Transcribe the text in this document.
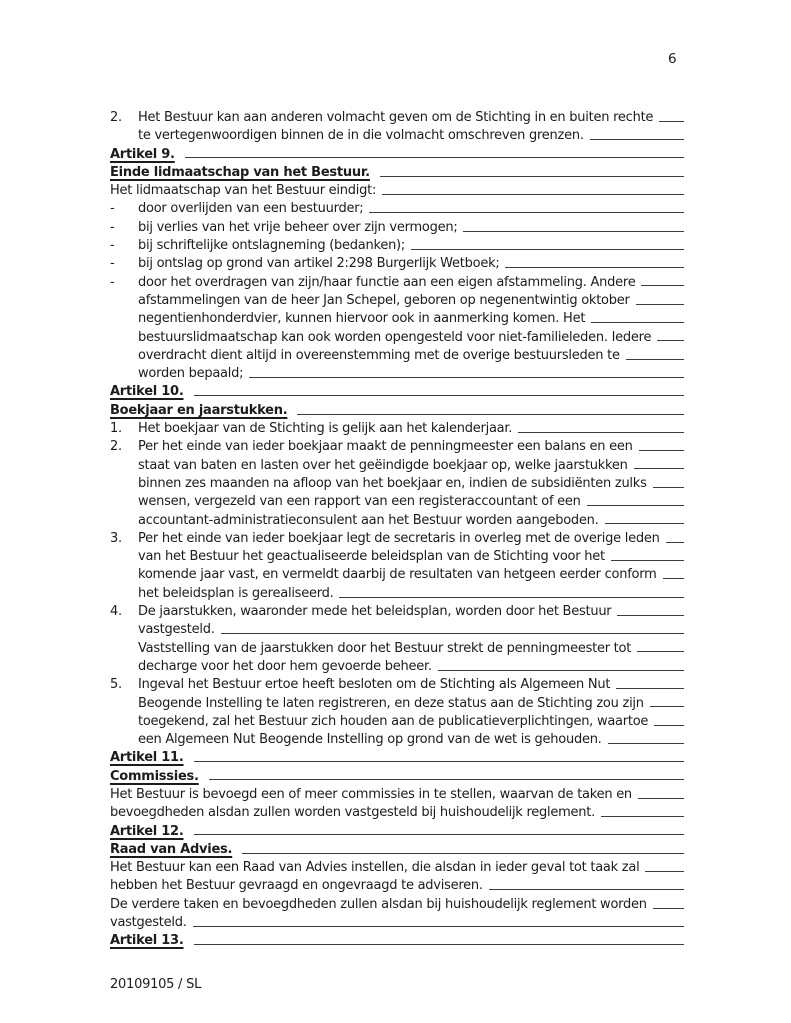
6
2.	Het Bestuur kan aan anderen volmacht geven om de Stichting in en buiten rechte
te vertegenwoordigen binnen de in die volmacht omschreven grenzen.
Artikel 9.
Einde lidmaatschap van het Bestuur.
Het lidmaatschap van het Bestuur eindigt:
-	door overlijden van een bestuurder;
-	bij verlies van het vrije beheer over zijn vermogen;
-	bij schriftelijke ontslagneming (bedanken);
-	bij ontslag op grond van artikel 2:298 Burgerlijk Wetboek;
-	door het overdragen van zijn/haar functie aan een eigen afstammeling. Andere
afstammelingen van de heer Jan Schepel, geboren op negenentwintig oktober
negentienhonderdvier, kunnen hiervoor ook in aanmerking komen. Het
bestuurslidmaatschap kan ook worden opengesteld voor niet-familieleden. Iedere
overdracht dient altijd in overeenstemming met de overige bestuursleden te
worden bepaald;
Artikel 10.
Boekjaar en jaarstukken.
1.	Het boekjaar van de Stichting is gelijk aan het kalenderjaar.
2.	Per het einde van ieder boekjaar maakt de penningmeester een balans en een
staat van baten en lasten over het geëindigde boekjaar op, welke jaarstukken
binnen zes maanden na afloop van het boekjaar en, indien de subsidiënten zulks
wensen, vergezeld van een rapport van een registeraccountant of een
accountant-administratieconsulent aan het Bestuur worden aangeboden.
3.	Per het einde van ieder boekjaar legt de secretaris in overleg met de overige leden
van het Bestuur het geactualiseerde beleidsplan van de Stichting voor het
komende jaar vast, en vermeldt daarbij de resultaten van hetgeen eerder conform
het beleidsplan is gerealiseerd.
4.	De jaarstukken, waaronder mede het beleidsplan, worden door het Bestuur
vastgesteld.
Vaststelling van de jaarstukken door het Bestuur strekt de penningmeester tot
decharge voor het door hem gevoerde beheer.
5.	Ingeval het Bestuur ertoe heeft besloten om de Stichting als Algemeen Nut
Beogende Instelling te laten registreren, en deze status aan de Stichting zou zijn
toegekend, zal het Bestuur zich houden aan de publicatieverplichtingen, waartoe
een Algemeen Nut Beogende Instelling op grond van de wet is gehouden.
Artikel 11.
Commissies.
Het Bestuur is bevoegd een of meer commissies in te stellen, waarvan de taken en
bevoegdheden alsdan zullen worden vastgesteld bij huishoudelijk reglement.
Artikel 12.
Raad van Advies.
Het Bestuur kan een Raad van Advies instellen, die alsdan in ieder geval tot taak zal
hebben het Bestuur gevraagd en ongevraagd te adviseren.
De verdere taken en bevoegdheden zullen alsdan bij huishoudelijk reglement worden
vastgesteld.
Artikel 13.
20109105 / SL
